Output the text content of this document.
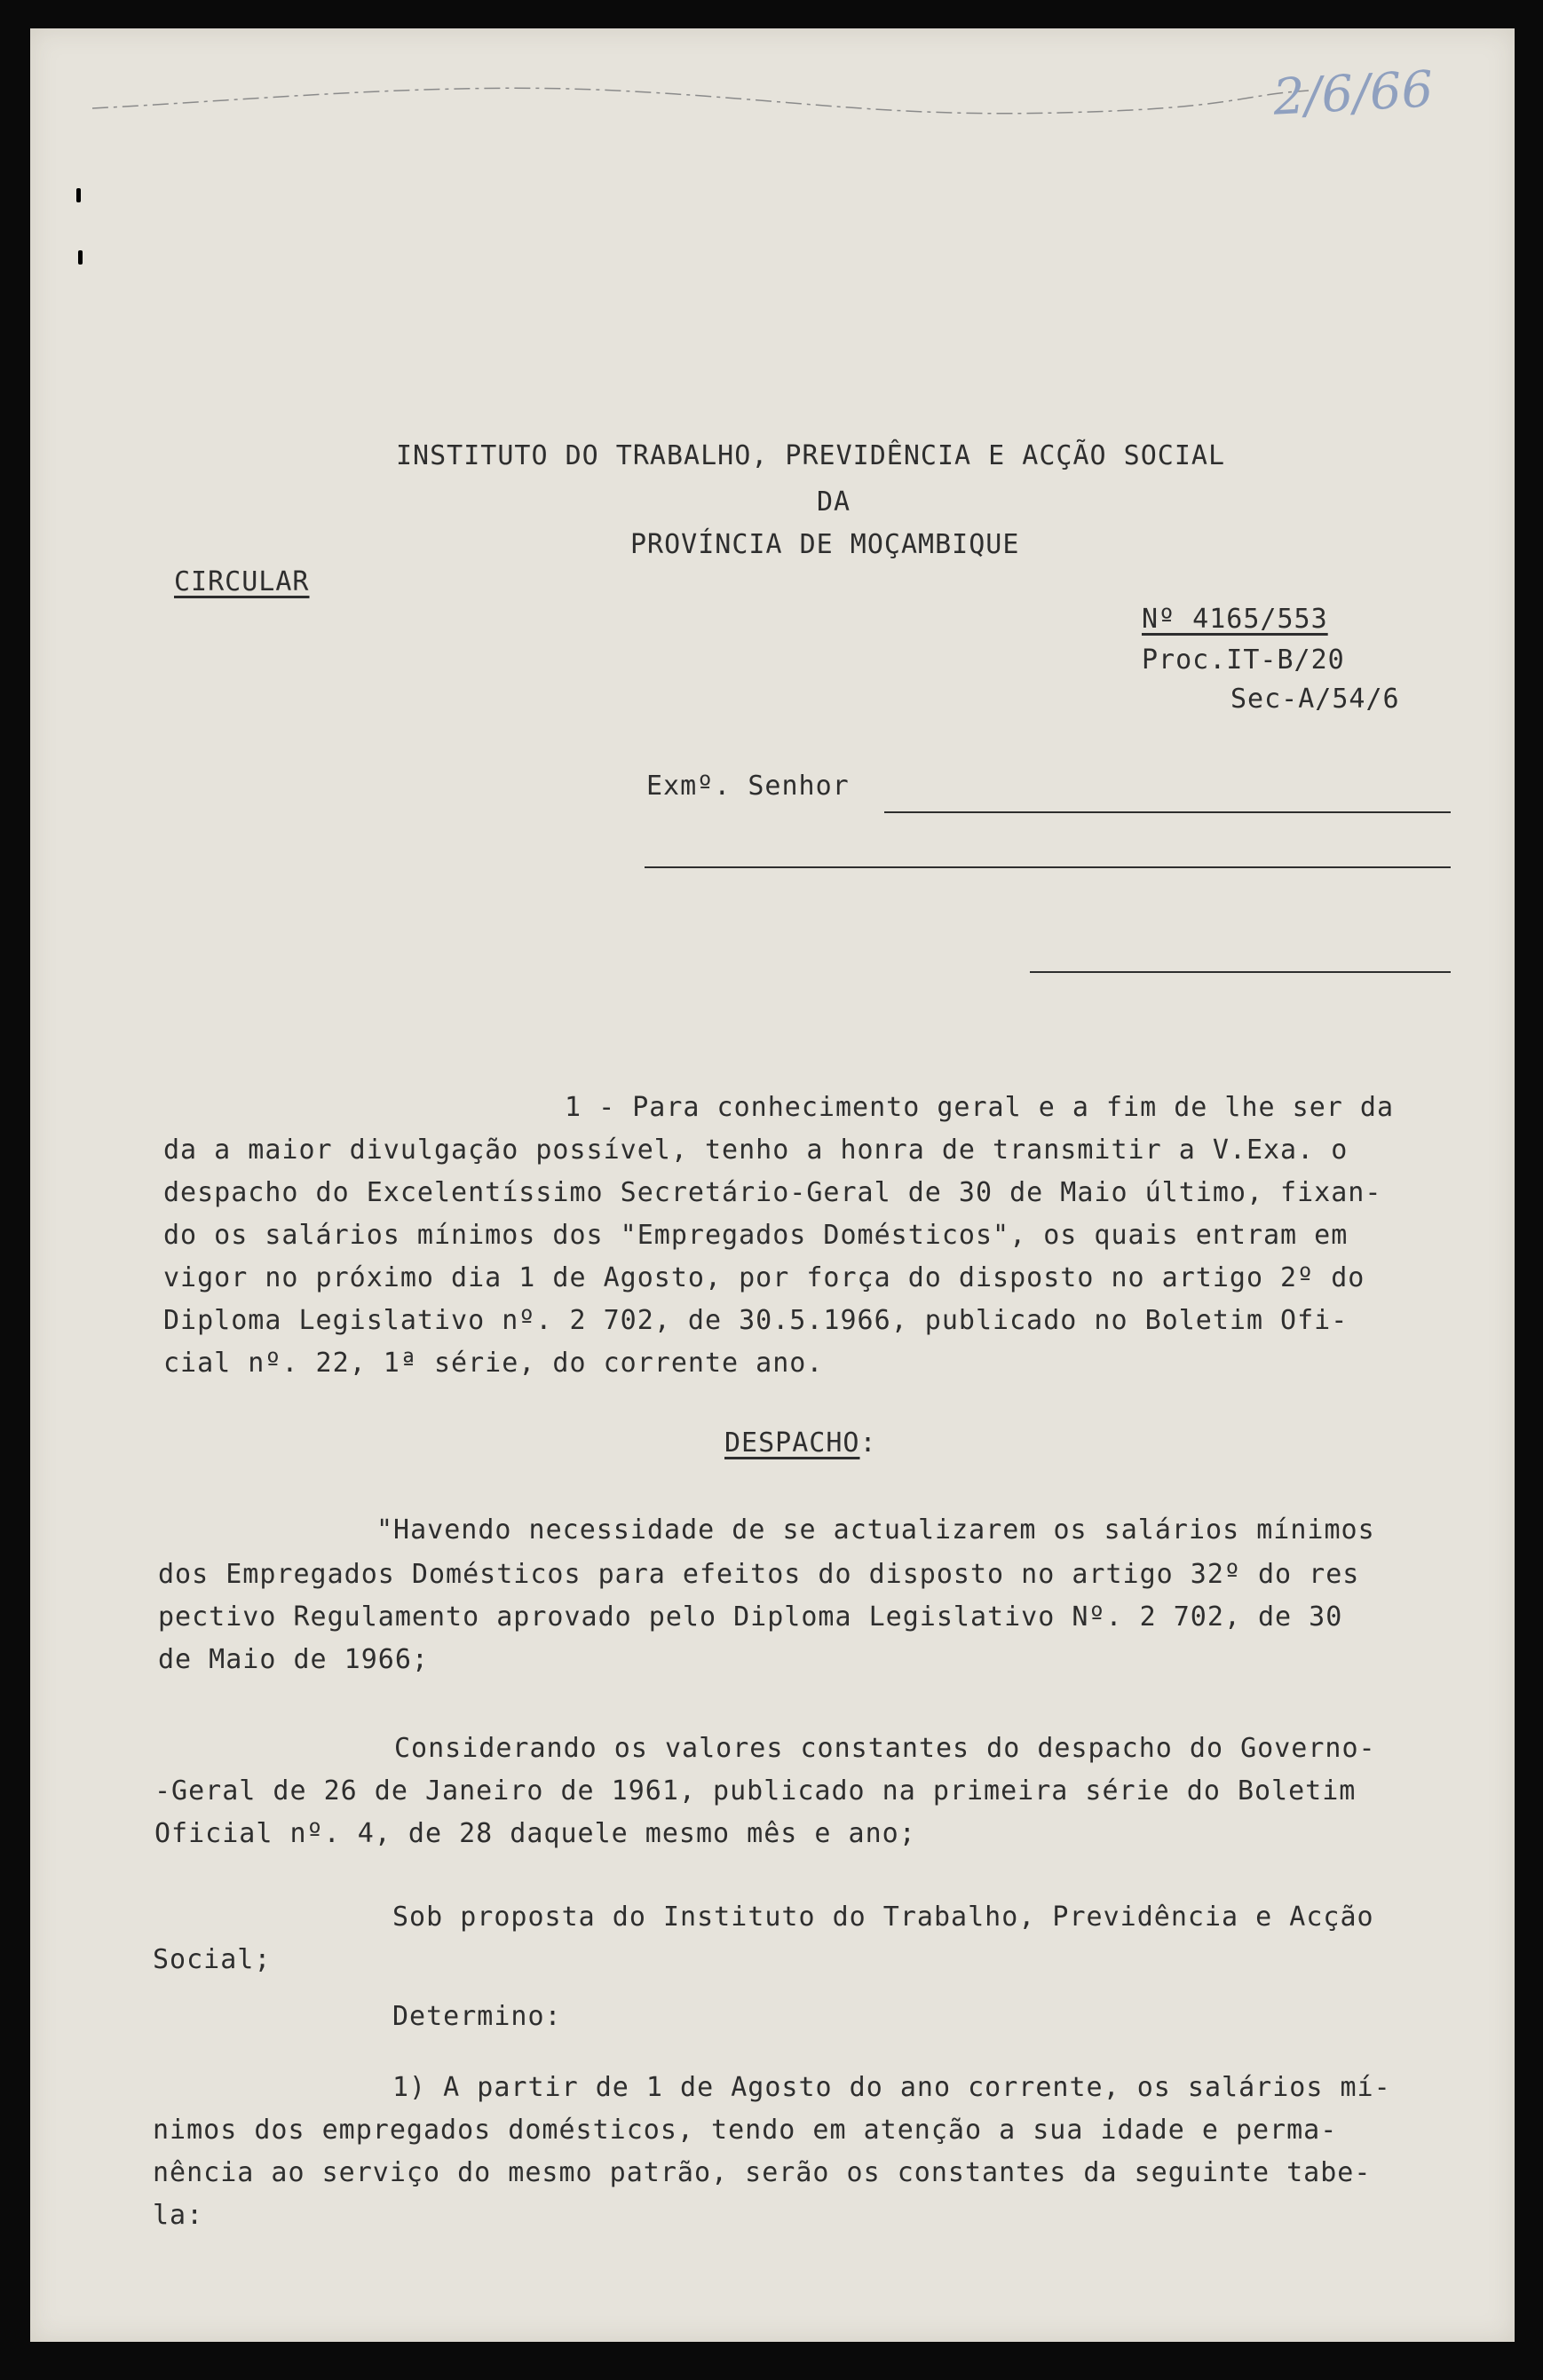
2/6/66
INSTITUTO DO TRABALHO, PREVIDÊNCIA E ACÇÃO SOCIAL
DA
PROVÍNCIA DE MOÇAMBIQUE
CIRCULAR
Nº 4165/553
Proc.IT-B/20
Sec-A/54/6
Exmº. Senhor
1 - Para conhecimento geral e a fim de lhe ser da
da a maior divulgação possível, tenho a honra de transmitir a V.Exa. o
despacho do Excelentíssimo Secretário-Geral de 30 de Maio último, fixan-
do os salários mínimos dos "Empregados Domésticos", os quais entram em
vigor no próximo dia 1 de Agosto, por força do disposto no artigo 2º do
Diploma Legislativo nº. 2 702, de 30.5.1966, publicado no Boletim Ofi-
cial nº. 22, 1ª série, do corrente ano.
DESPACHO:
"Havendo necessidade de se actualizarem os salários mínimos
dos Empregados Domésticos para efeitos do disposto no artigo 32º do res
pectivo Regulamento aprovado pelo Diploma Legislativo Nº. 2 702, de 30
de Maio de 1966;
Considerando os valores constantes do despacho do Governo-
-Geral de 26 de Janeiro de 1961, publicado na primeira série do Boletim
Oficial nº. 4, de 28 daquele mesmo mês e ano;
Sob proposta do Instituto do Trabalho, Previdência e Acção
Social;
Determino:
1) A partir de 1 de Agosto do ano corrente, os salários mí-
nimos dos empregados domésticos, tendo em atenção a sua idade e perma-
nência ao serviço do mesmo patrão, serão os constantes da seguinte tabe-
la:
